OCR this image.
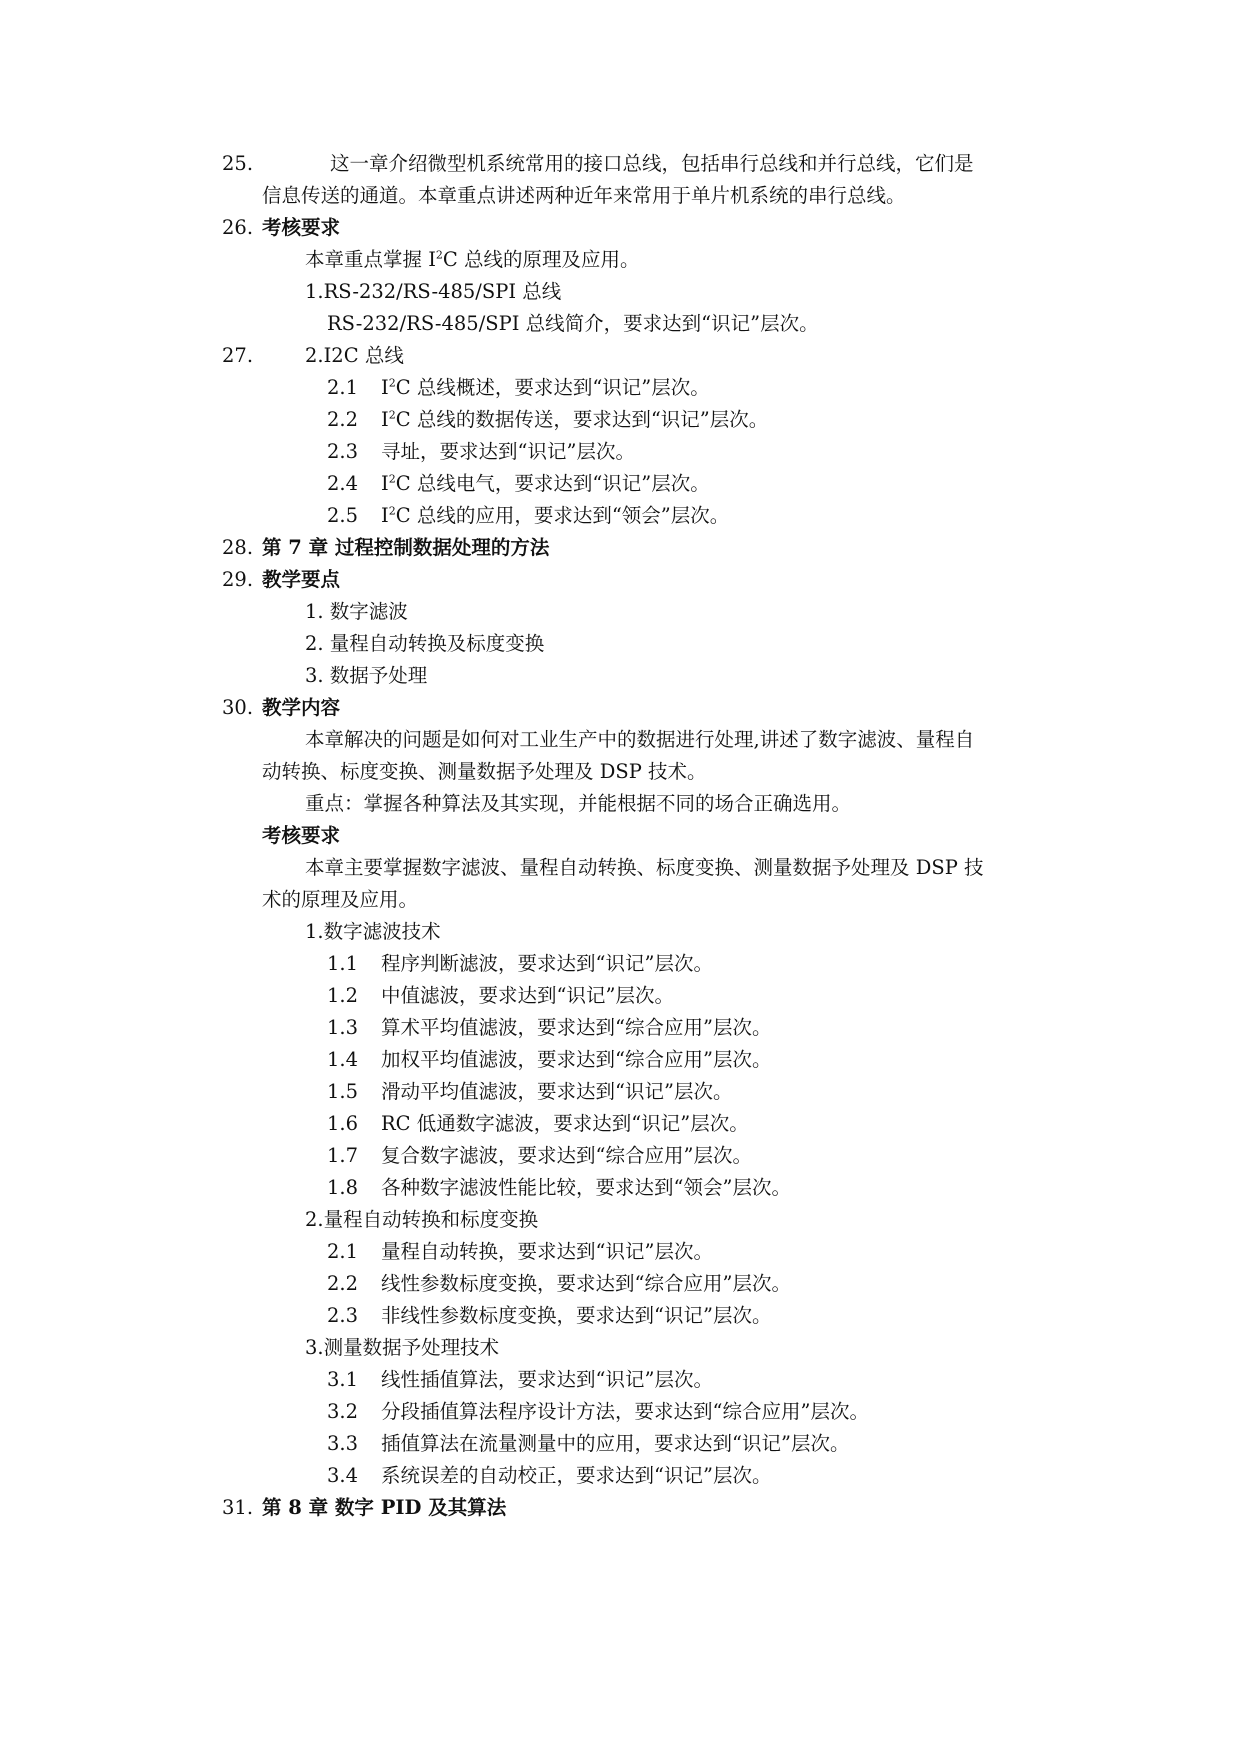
25.	这一章介绍微型机系统常用的接口总线，包括串行总线和并行总线，它们是
信息传送的通道。本章重点讲述两种近年来常用于单片机系统的串行总线。
26. 考核要求
本章重点掌握 $I^2C$ 总线的原理及应用。
1.RS-232/RS-485/SPI 总线
RS-232/RS-485/SPI 总线简介，要求达到“识记”层次。
27.	2.I2C 总线
2.1 $I^2C$ 总线概述，要求达到“识记”层次。
2.2 $I^2C$ 总线的数据传送，要求达到“识记”层次。
2.3 寻址，要求达到“识记”层次。
2.4 $I^2C$ 总线电气，要求达到“识记”层次。
2.5 $I^2C$ 总线的应用，要求达到“领会”层次。
28. 第 7 章 过程控制数据处理的方法
29. 教学要点
1. 数字滤波
2. 量程自动转换及标度变换
3. 数据予处理
30. 教学内容
本章解决的问题是如何对工业生产中的数据进行处理,讲述了数字滤波、量程自
动转换、标度变换、测量数据予处理及 DSP 技术。
重点：掌握各种算法及其实现，并能根据不同的场合正确选用。
考核要求
本章主要掌握数字滤波、量程自动转换、标度变换、测量数据予处理及 DSP 技
术的原理及应用。
1.数字滤波技术
1.1 程序判断滤波，要求达到“识记”层次。
1.2 中值滤波，要求达到“识记”层次。
1.3 算术平均值滤波，要求达到“综合应用”层次。
1.4 加权平均值滤波，要求达到“综合应用”层次。
1.5 滑动平均值滤波，要求达到“识记”层次。
1.6 RC 低通数字滤波，要求达到“识记”层次。
1.7 复合数字滤波，要求达到“综合应用”层次。
1.8 各种数字滤波性能比较，要求达到“领会”层次。
2.量程自动转换和标度变换
2.1 量程自动转换，要求达到“识记”层次。
2.2 线性参数标度变换，要求达到“综合应用”层次。
2.3 非线性参数标度变换，要求达到“识记”层次。
3.测量数据予处理技术
3.1 线性插值算法，要求达到“识记”层次。
3.2 分段插值算法程序设计方法，要求达到“综合应用”层次。
3.3 插值算法在流量测量中的应用，要求达到“识记”层次。
3.4 系统误差的自动校正，要求达到“识记”层次。
31. 第 8 章 数字 PID 及其算法
